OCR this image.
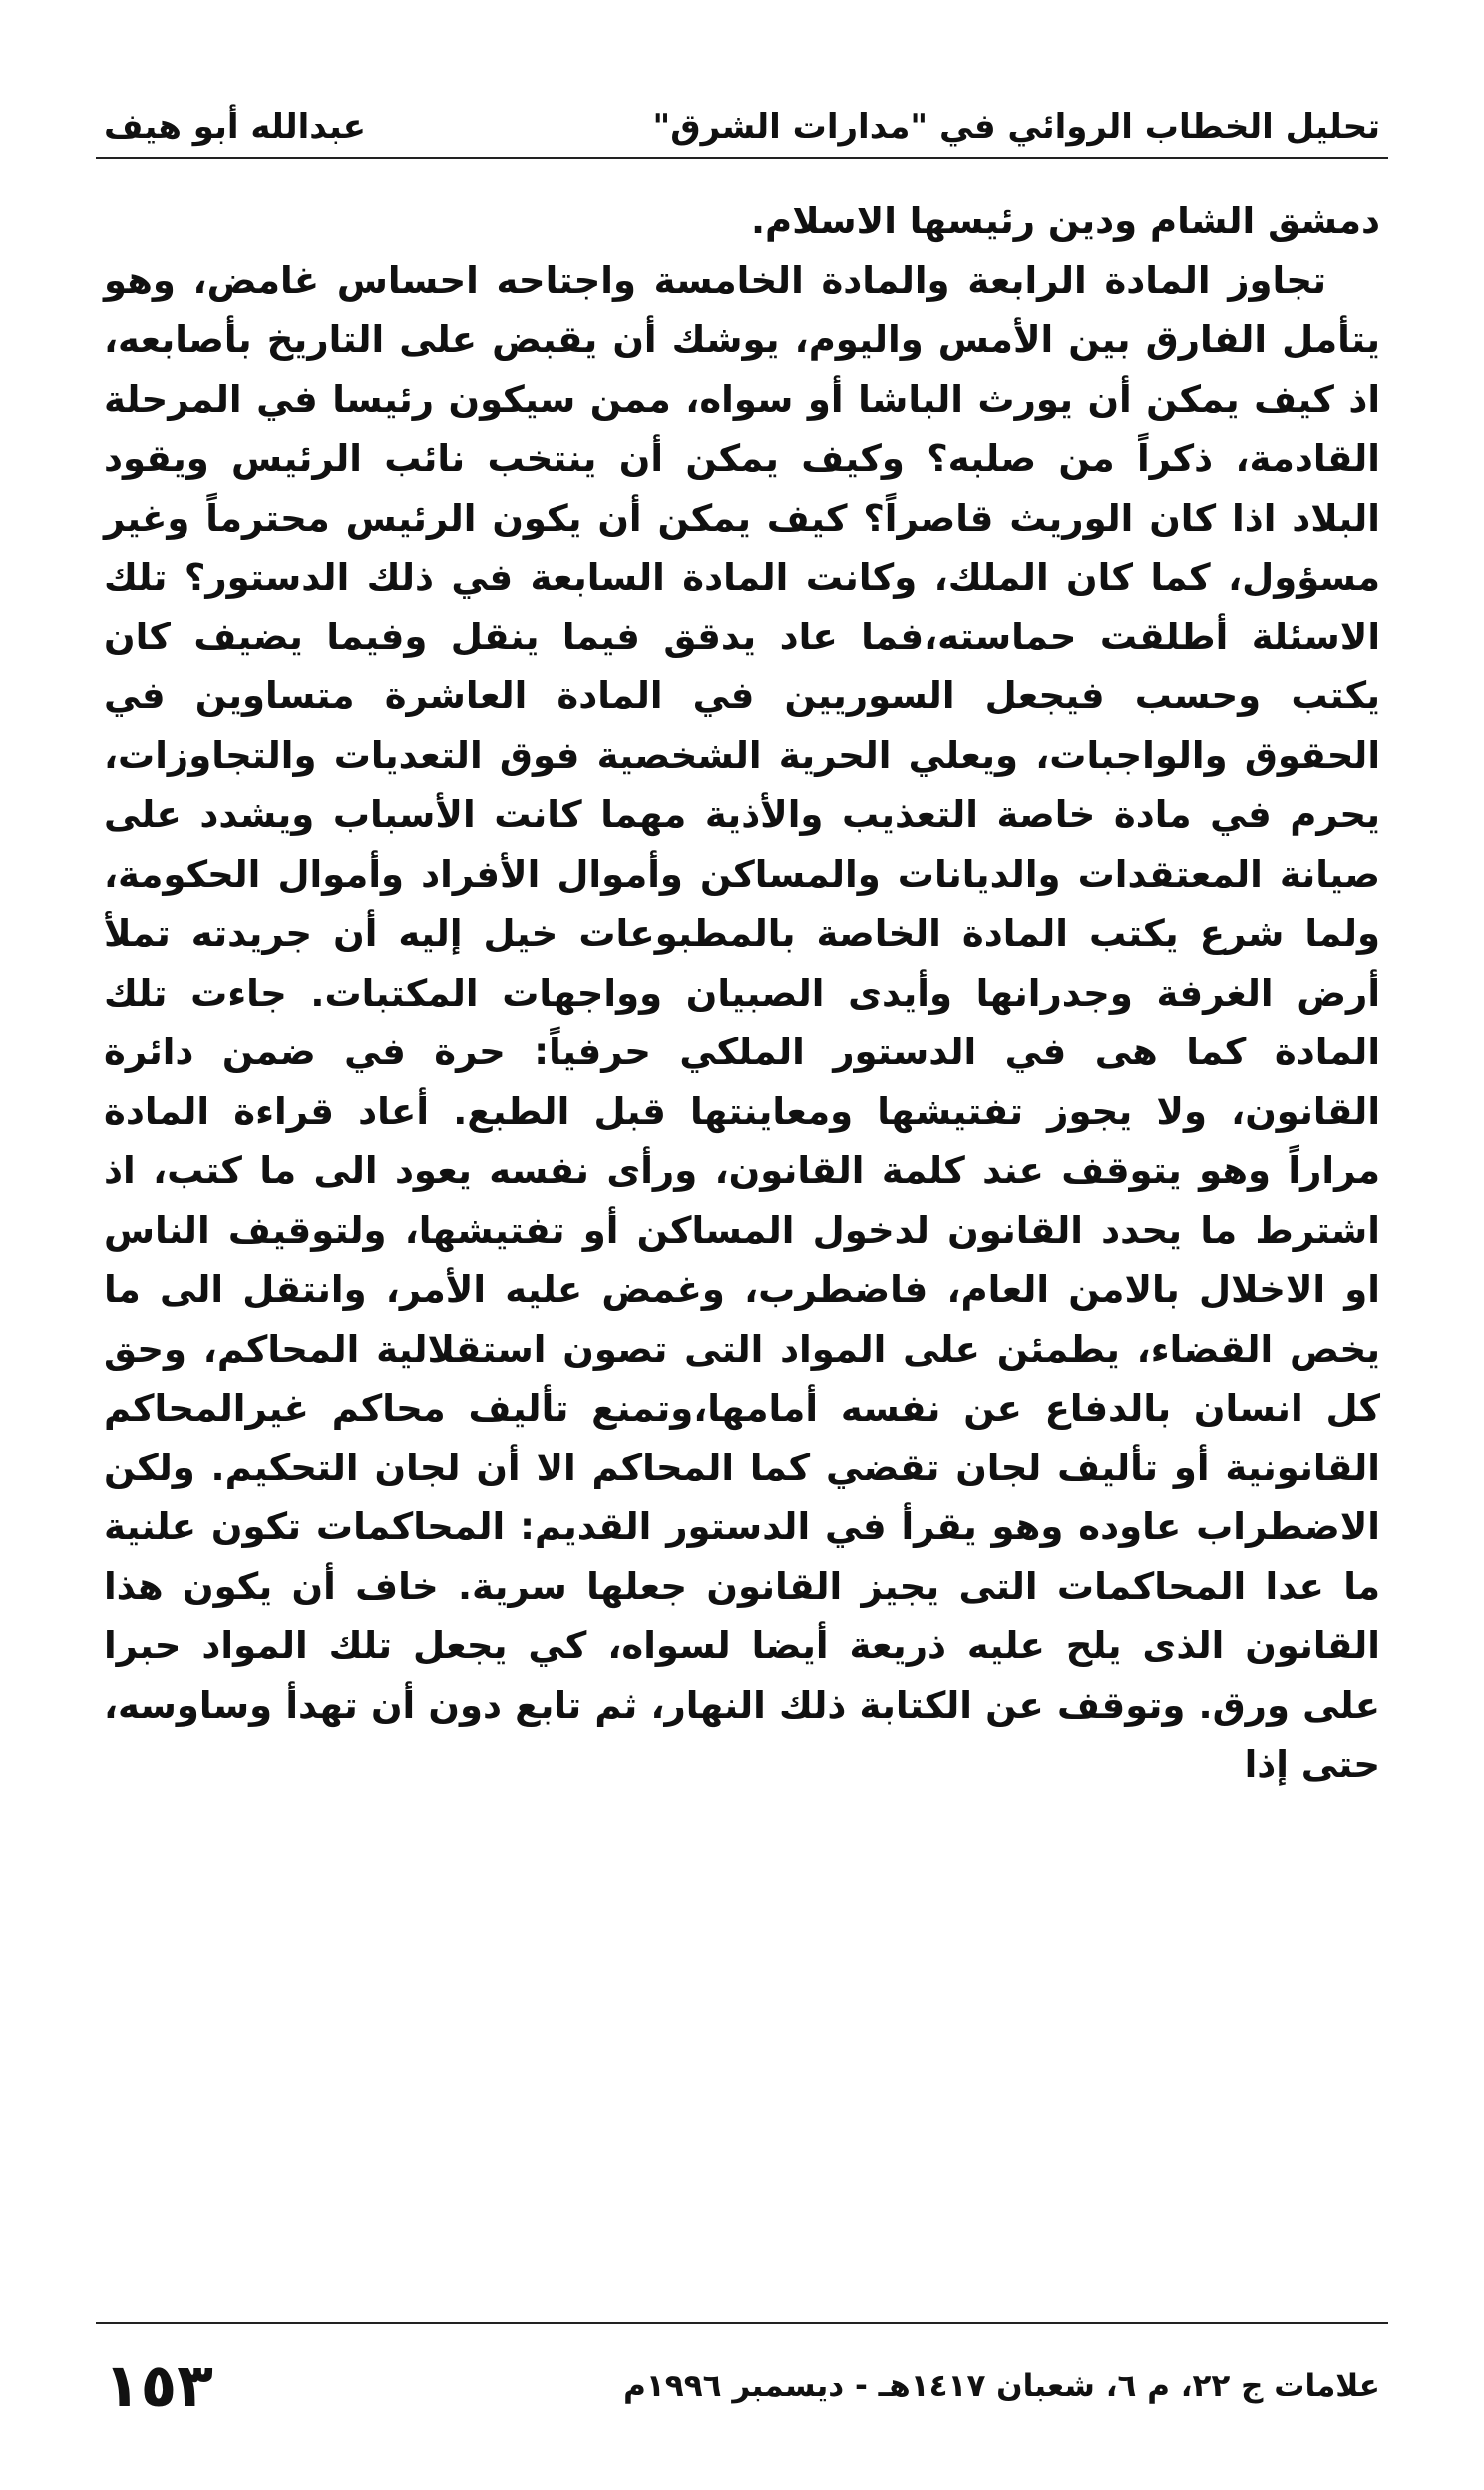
تحليل الخطاب الروائي في "مدارات الشرق"
عبدالله أبو هيف

دمشق الشام ودين رئيسها الاسلام.

تجاوز المادة الرابعة والمادة الخامسة واجتاحه احساس غامض، وهو يتأمل الفارق بين الأمس واليوم، يوشك أن يقبض على التاريخ بأصابعه، اذ كيف يمكن أن يورث الباشا أو سواه، ممن سيكون رئيسا في المرحلة القادمة، ذكراً من صلبه؟ وكيف يمكن أن ينتخب نائب الرئيس ويقود البلاد اذا كان الوريث قاصراً؟ كيف يمكن أن يكون الرئيس محترماً وغير مسؤول، كما كان الملك، وكانت المادة السابعة في ذلك الدستور؟ تلك الاسئلة أطلقت حماسته،فما عاد يدقق فيما ينقل وفيما يضيف كان يكتب وحسب فيجعل السوريين في المادة العاشرة متساوين في الحقوق والواجبات، ويعلي الحرية الشخصية فوق التعديات والتجاوزات، يحرم في مادة خاصة التعذيب والأذية مهما كانت الأسباب ويشدد على صيانة المعتقدات والديانات والمساكن وأموال الأفراد وأموال الحكومة، ولما شرع يكتب المادة الخاصة بالمطبوعات خيل إليه أن جريدته تملأ أرض الغرفة وجدرانها وأيدى الصبيان وواجهات المكتبات. جاءت تلك المادة كما هى في الدستور الملكي حرفياً: حرة في ضمن دائرة القانون، ولا يجوز تفتيشها ومعاينتها قبل الطبع. أعاد قراءة المادة مراراً وهو يتوقف عند كلمة القانون، ورأى نفسه يعود الى ما كتب، اذ اشترط ما يحدد القانون لدخول المساكن أو تفتيشها، ولتوقيف الناس او الاخلال بالامن العام، فاضطرب، وغمض عليه الأمر، وانتقل الى ما يخص القضاء، يطمئن على المواد التى تصون استقلالية المحاكم، وحق كل انسان بالدفاع عن نفسه أمامها،وتمنع تأليف محاكم غيرالمحاكم القانونية أو تأليف لجان تقضي كما المحاكم الا أن لجان التحكيم. ولكن الاضطراب عاوده وهو يقرأ في الدستور القديم: المحاكمات تكون علنية ما عدا المحاكمات التى يجيز القانون جعلها سرية. خاف أن يكون هذا القانون الذى يلح عليه ذريعة أيضا لسواه، كي يجعل تلك المواد حبرا على ورق. وتوقف عن الكتابة ذلك النهار، ثم تابع دون أن تهدأ وساوسه، حتى إذا

علامات ج ٢٢، م ٦، شعبان ١٤١٧هـ - ديسمبر ١٩٩٦م
١٥٣
